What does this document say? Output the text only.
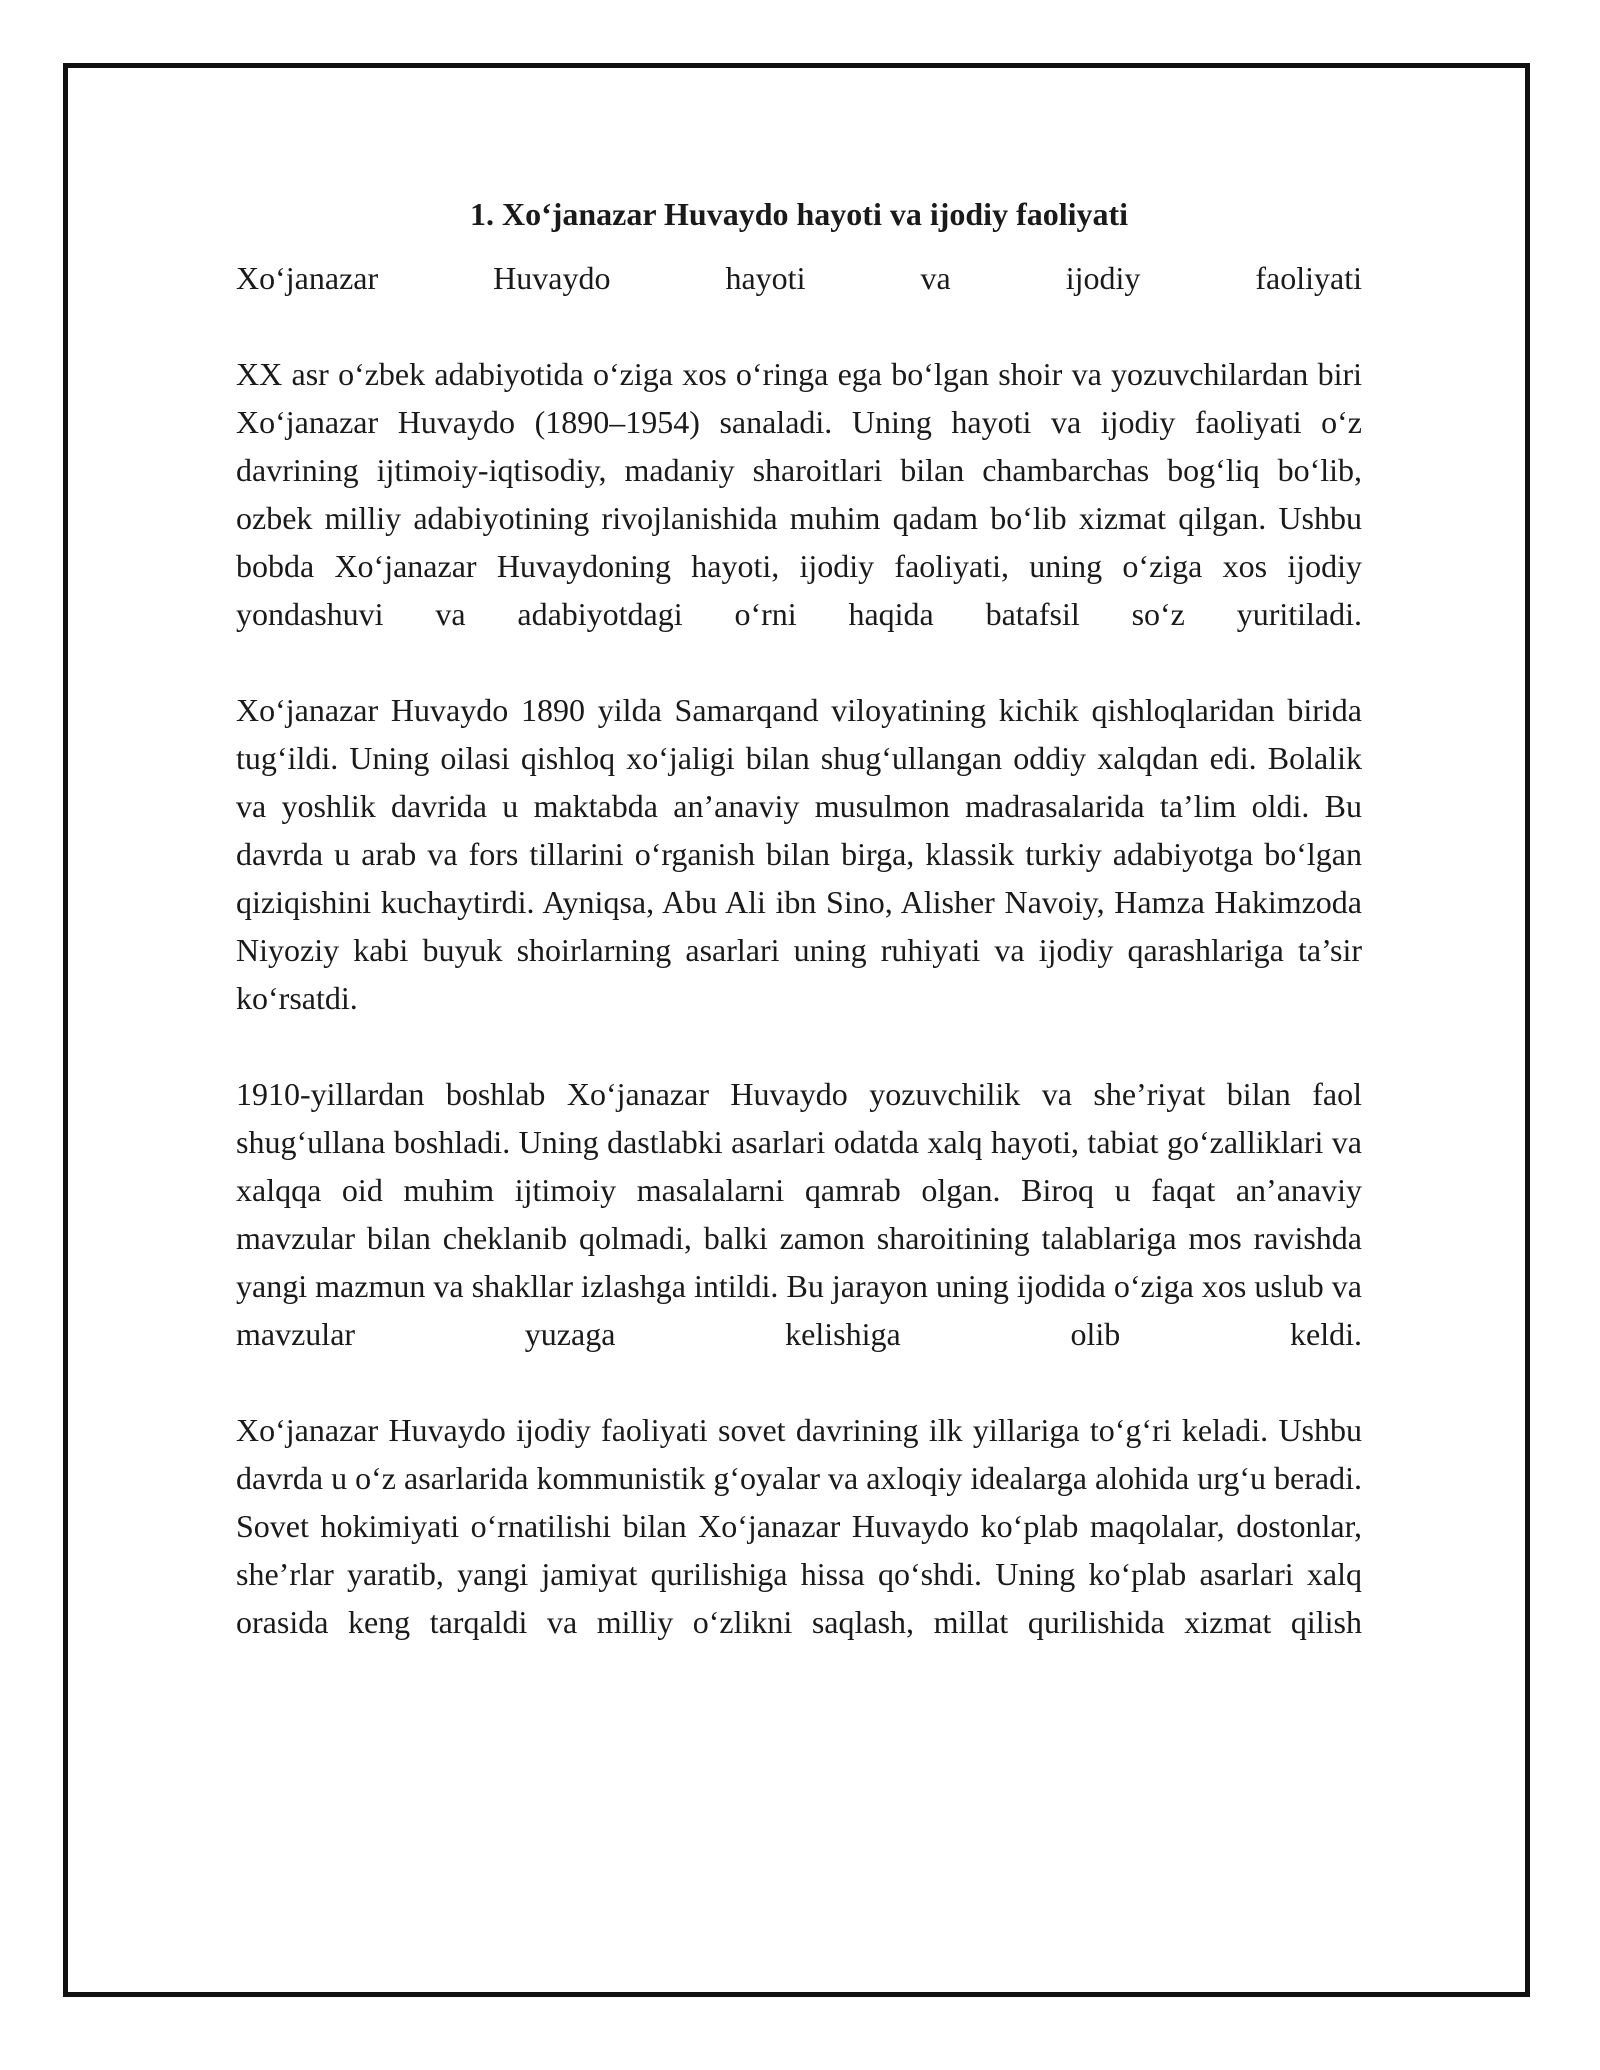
1. Xo‘janazar Huvaydo hayoti va ijodiy faoliyati

Xo‘janazar Huvaydo hayoti va ijodiy faoliyati

XX asr o‘zbek adabiyotida o‘ziga xos o‘ringa ega bo‘lgan shoir va yozuvchilardan biri Xo‘janazar Huvaydo (1890–1954) sanaladi. Uning hayoti va ijodiy faoliyati o‘z davrining ijtimoiy-iqtisodiy, madaniy sharoitlari bilan chambarchas bog‘liq bo‘lib, ozbek milliy adabiyotining rivojlanishida muhim qadam bo‘lib xizmat qilgan. Ushbu bobda Xo‘janazar Huvaydoning hayoti, ijodiy faoliyati, uning o‘ziga xos ijodiy yondashuvi va adabiyotdagi o‘rni haqida batafsil so‘z yuritiladi.

Xo‘janazar Huvaydo 1890 yilda Samarqand viloyatining kichik qishloqlaridan birida tug‘ildi. Uning oilasi qishloq xo‘jaligi bilan shug‘ullangan oddiy xalqdan edi. Bolalik va yoshlik davrida u maktabda an’anaviy musulmon madrasalarida ta’lim oldi. Bu davrda u arab va fors tillarini o‘rganish bilan birga, klassik turkiy adabiyotga bo‘lgan qiziqishini kuchaytirdi. Ayniqsa, Abu Ali ibn Sino, Alisher Navoiy, Hamza Hakimzoda Niyoziy kabi buyuk shoirlarning asarlari uning ruhiyati va ijodiy qarashlariga ta’sir ko‘rsatdi.

1910-yillardan boshlab Xo‘janazar Huvaydo yozuvchilik va she’riyat bilan faol shug‘ullana boshladi. Uning dastlabki asarlari odatda xalq hayoti, tabiat go‘zalliklari va xalqqa oid muhim ijtimoiy masalalarni qamrab olgan. Biroq u faqat an’anaviy mavzular bilan cheklanib qolmadi, balki zamon sharoitining talablariga mos ravishda yangi mazmun va shakllar izlashga intildi. Bu jarayon uning ijodida o‘ziga xos uslub va mavzular yuzaga kelishiga olib keldi.

Xo‘janazar Huvaydo ijodiy faoliyati sovet davrining ilk yillariga to‘g‘ri keladi. Ushbu davrda u o‘z asarlarida kommunistik g‘oyalar va axloqiy idealarga alohida urg‘u beradi. Sovet hokimiyati o‘rnatilishi bilan Xo‘janazar Huvaydo ko‘plab maqolalar, dostonlar, she’rlar yaratib, yangi jamiyat qurilishiga hissa qo‘shdi. Uning ko‘plab asarlari xalq orasida keng tarqaldi va milliy o‘zlikni saqlash, millat qurilishida xizmat qilish
